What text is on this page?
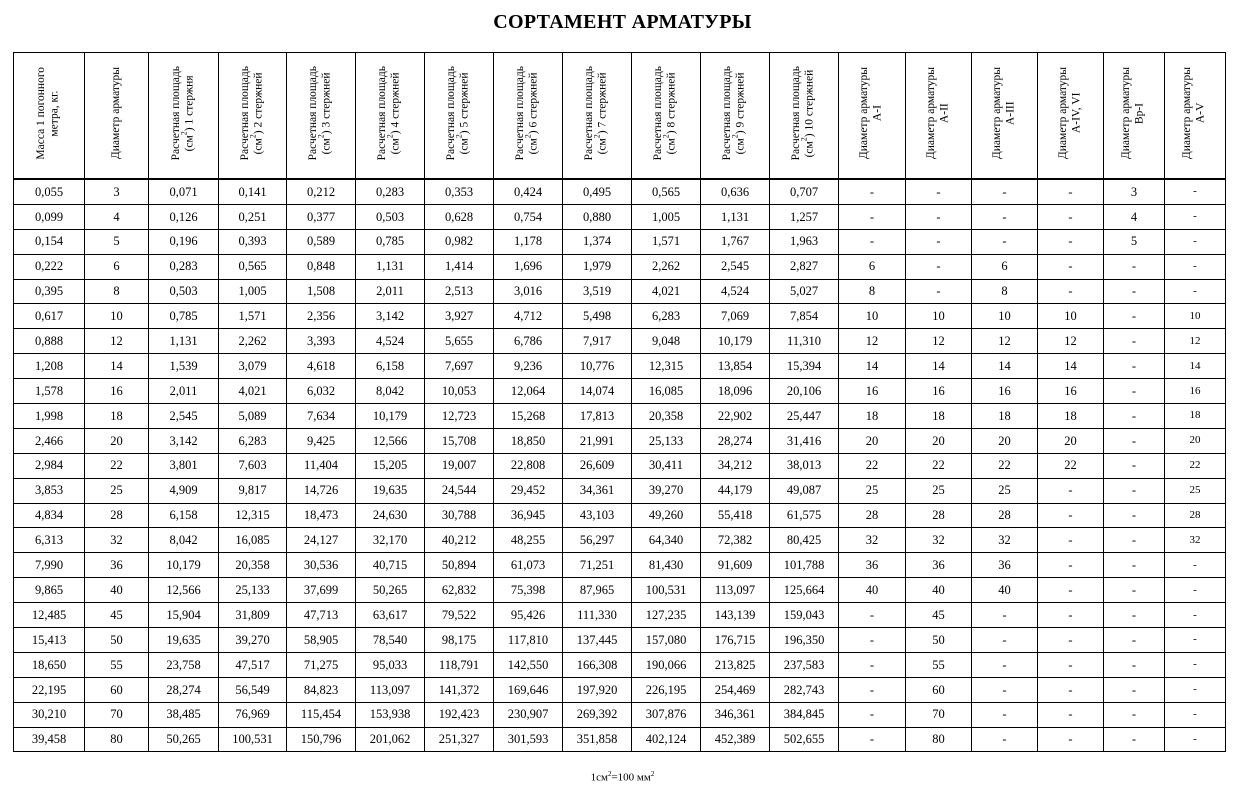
СОРТАМЕНТ АРМАТУРЫ
Масса 1 погонного метра, кг.	Диаметр арматуры	Расчетная площадь $(см^2)$ 1 стержня	Расчетная площадь $(см^2)$ 2 стержней	Расчетная площадь $(см^2)$ 3 стержней	Расчетная площадь $(см^2)$ 4 стержней	Расчетная площадь $(см^2)$ 5 стержней	Расчетная площадь $(см^2)$ 6 стержней	Расчетная площадь $(см^2)$ 7 стержней	Расчетная площадь $(см^2)$ 8 стержней	Расчетная площадь $(см^2)$ 9 стержней	Расчетная площадь $(см^2)$ 10 стержней	Диаметр арматуры А-I	Диаметр арматуры А-II	Диаметр арматуры А-III	Диаметр арматуры А-IV, VI	Диаметр арматуры Вр-I	Диаметр арматуры А-V
0,055	3	0,071	0,141	0,212	0,283	0,353	0,424	0,495	0,565	0,636	0,707	-	-	-	-	3	-
0,099	4	0,126	0,251	0,377	0,503	0,628	0,754	0,880	1,005	1,131	1,257	-	-	-	-	4	-
0,154	5	0,196	0,393	0,589	0,785	0,982	1,178	1,374	1,571	1,767	1,963	-	-	-	-	5	-
0,222	6	0,283	0,565	0,848	1,131	1,414	1,696	1,979	2,262	2,545	2,827	6	-	6	-	-	-
0,395	8	0,503	1,005	1,508	2,011	2,513	3,016	3,519	4,021	4,524	5,027	8	-	8	-	-	-
0,617	10	0,785	1,571	2,356	3,142	3,927	4,712	5,498	6,283	7,069	7,854	10	10	10	10	-	10
0,888	12	1,131	2,262	3,393	4,524	5,655	6,786	7,917	9,048	10,179	11,310	12	12	12	12	-	12
1,208	14	1,539	3,079	4,618	6,158	7,697	9,236	10,776	12,315	13,854	15,394	14	14	14	14	-	14
1,578	16	2,011	4,021	6,032	8,042	10,053	12,064	14,074	16,085	18,096	20,106	16	16	16	16	-	16
1,998	18	2,545	5,089	7,634	10,179	12,723	15,268	17,813	20,358	22,902	25,447	18	18	18	18	-	18
2,466	20	3,142	6,283	9,425	12,566	15,708	18,850	21,991	25,133	28,274	31,416	20	20	20	20	-	20
2,984	22	3,801	7,603	11,404	15,205	19,007	22,808	26,609	30,411	34,212	38,013	22	22	22	22	-	22
3,853	25	4,909	9,817	14,726	19,635	24,544	29,452	34,361	39,270	44,179	49,087	25	25	25	-	-	25
4,834	28	6,158	12,315	18,473	24,630	30,788	36,945	43,103	49,260	55,418	61,575	28	28	28	-	-	28
6,313	32	8,042	16,085	24,127	32,170	40,212	48,255	56,297	64,340	72,382	80,425	32	32	32	-	-	32
7,990	36	10,179	20,358	30,536	40,715	50,894	61,073	71,251	81,430	91,609	101,788	36	36	36	-	-	-
9,865	40	12,566	25,133	37,699	50,265	62,832	75,398	87,965	100,531	113,097	125,664	40	40	40	-	-	-
12,485	45	15,904	31,809	47,713	63,617	79,522	95,426	111,330	127,235	143,139	159,043	-	45	-	-	-	-
15,413	50	19,635	39,270	58,905	78,540	98,175	117,810	137,445	157,080	176,715	196,350	-	50	-	-	-	-
18,650	55	23,758	47,517	71,275	95,033	118,791	142,550	166,308	190,066	213,825	237,583	-	55	-	-	-	-
22,195	60	28,274	56,549	84,823	113,097	141,372	169,646	197,920	226,195	254,469	282,743	-	60	-	-	-	-
30,210	70	38,485	76,969	115,454	153,938	192,423	230,907	269,392	307,876	346,361	384,845	-	70	-	-	-	-
39,458	80	50,265	100,531	150,796	201,062	251,327	301,593	351,858	402,124	452,389	502,655	-	80	-	-	-	-
$1см^2=100$ $мм^2$
